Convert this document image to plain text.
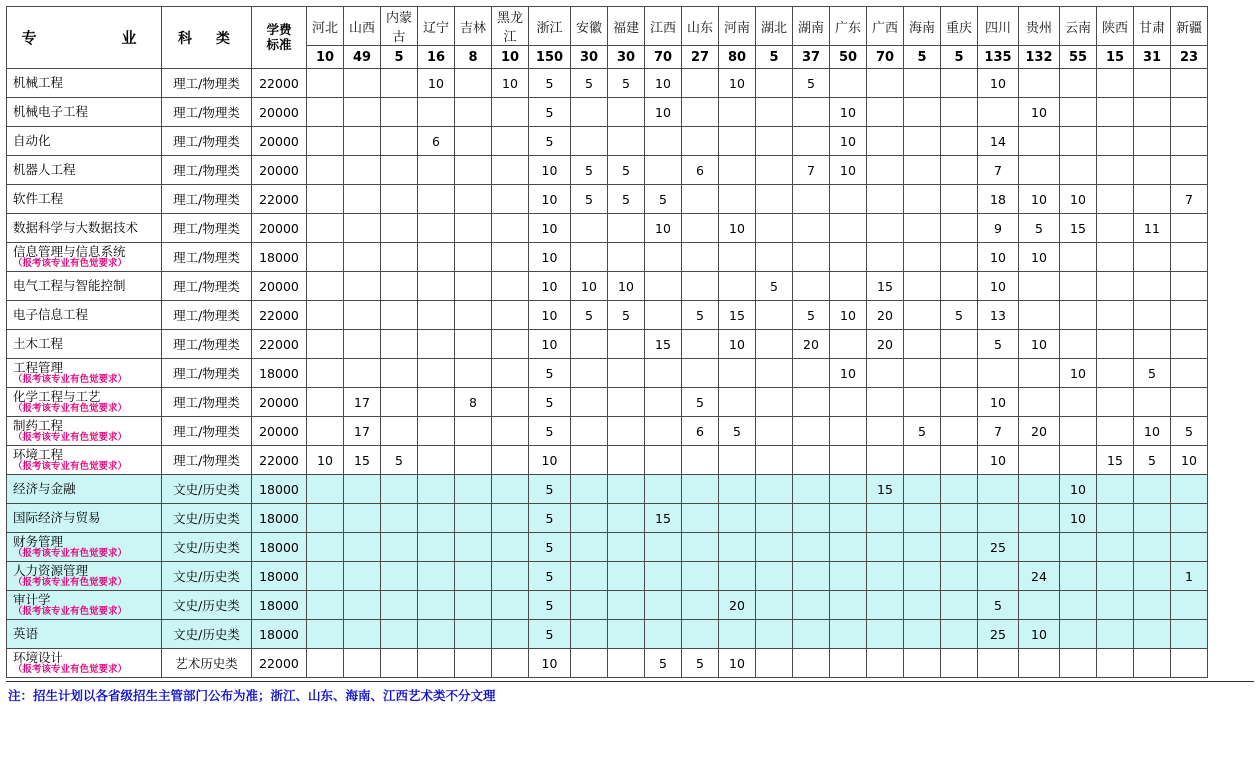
专　　　业	科　类	学费
标准	河北	山西	内蒙古	辽宁	吉林	黑龙江	浙江	安徽	福建	江西	山东	河南	湖北	湖南	广东	广西	海南	重庆	四川	贵州	云南	陕西	甘肃	新疆
			10	49	5	16	8	10	150	30	30	70	27	80	5	37	50	70	5	5	135	132	55	15	31	23
机械工程	理工/物理类	22000				10		10	5	5	5	10		10		5					10					
机械电子工程	理工/物理类	20000							5			10					10					10				
自动化	理工/物理类	20000				6			5								10				14					
机器人工程	理工/物理类	20000							10	5	5		6			7	10				7					
软件工程	理工/物理类	22000							10	5	5	5									18	10	10			7
数据科学与大数据技术	理工/物理类	20000							10			10		10							9	5	15		11	
信息管理与信息系统
（报考该专业有色觉要求）	理工/物理类	18000							10												10	10				
电气工程与智能控制	理工/物理类	20000							10	10	10				5			15			10					
电子信息工程	理工/物理类	22000							10	5	5		5	15		5	10	20		5	13					
土木工程	理工/物理类	22000							10			15		10		20		20			5	10				
工程管理
（报考该专业有色觉要求）	理工/物理类	18000							5								10						10		5	
化学工程与工艺
（报考该专业有色觉要求）	理工/物理类	20000		17			8		5				5								10					
制药工程
（报考该专业有色觉要求）	理工/物理类	20000		17					5				6	5					5		7	20			10	5
环境工程
（报考该专业有色觉要求）	理工/物理类	22000	10	15	5				10												10			15	5	10
经济与金融	文史/历史类	18000							5									15					10			
国际经济与贸易	文史/历史类	18000							5			15											10			
财务管理
（报考该专业有色觉要求）	文史/历史类	18000							5												25					
人力资源管理
（报考该专业有色觉要求）	文史/历史类	18000							5													24				1
审计学
（报考该专业有色觉要求）	文史/历史类	18000							5					20							5					
英语	文史/历史类	18000							5												25	10				
环境设计
（报考该专业有色觉要求）	艺术历史类	22000							10			5	5	10												
注：招生计划以各省级招生主管部门公布为准；浙江、山东、海南、江西艺术类不分文理
